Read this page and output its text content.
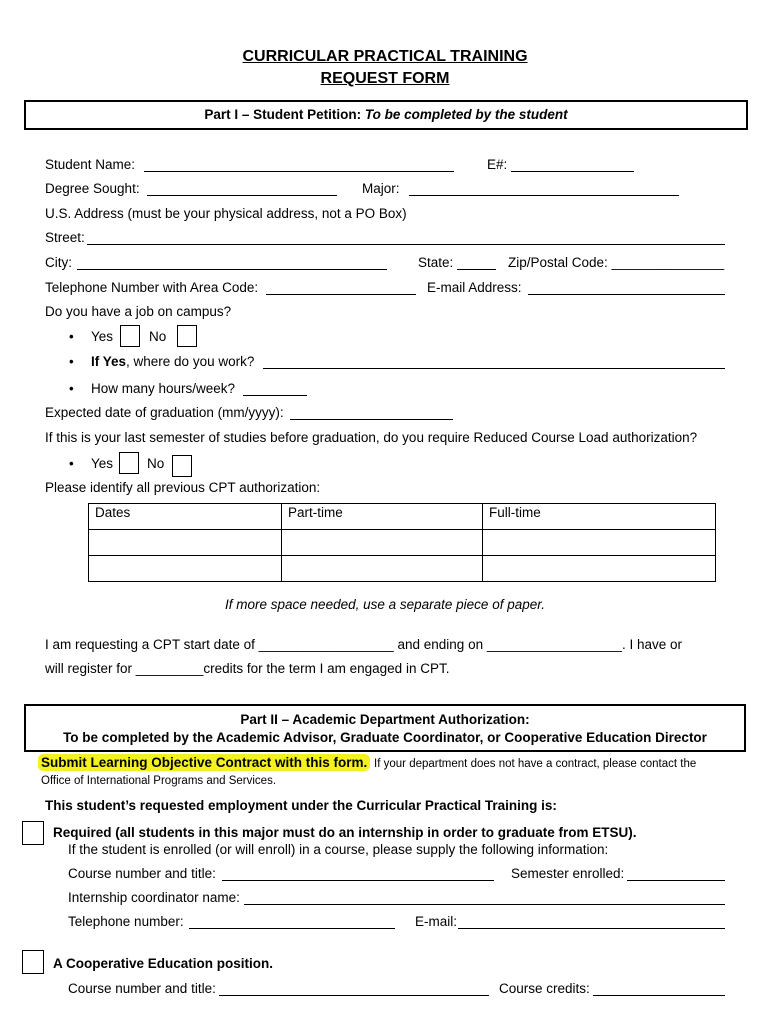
CURRICULAR PRACTICAL TRAINING
REQUEST FORM
Part I – Student Petition: To be completed by the student
Student Name:	E#:
Degree Sought:	Major:
U.S. Address (must be your physical address, not a PO Box)
Street:
City:	State:	Zip/Postal Code: _______________
Telephone Number with Area Code:	E-mail Address:
Do you have a job on campus?
• Yes	No
• If Yes, where do you work?
• How many hours/week?
Expected date of graduation (mm/yyyy):
If this is your last semester of studies before graduation, do you require Reduced Course Load authorization?
• Yes	No
Please identify all previous CPT authorization:
Dates	Part-time	Full-time

If more space needed, use a separate piece of paper.
I am requesting a CPT start date of __________________ and ending on __________________. I have or
will register for _________credits for the term I am engaged in CPT.
Part II – Academic Department Authorization:
To be completed by the Academic Advisor, Graduate Coordinator, or Cooperative Education Director
Submit Learning Objective Contract with this form. If your department does not have a contract, please contact the
Office of International Programs and Services.
This student’s requested employment under the Curricular Practical Training is:
Required (all students in this major must do an internship in order to graduate from ETSU).
If the student is enrolled (or will enroll) in a course, please supply the following information:
Course number and title:	Semester enrolled:
Internship coordinator name:
Telephone number:	E-mail:
A Cooperative Education position.
Course number and title:	Course credits:
